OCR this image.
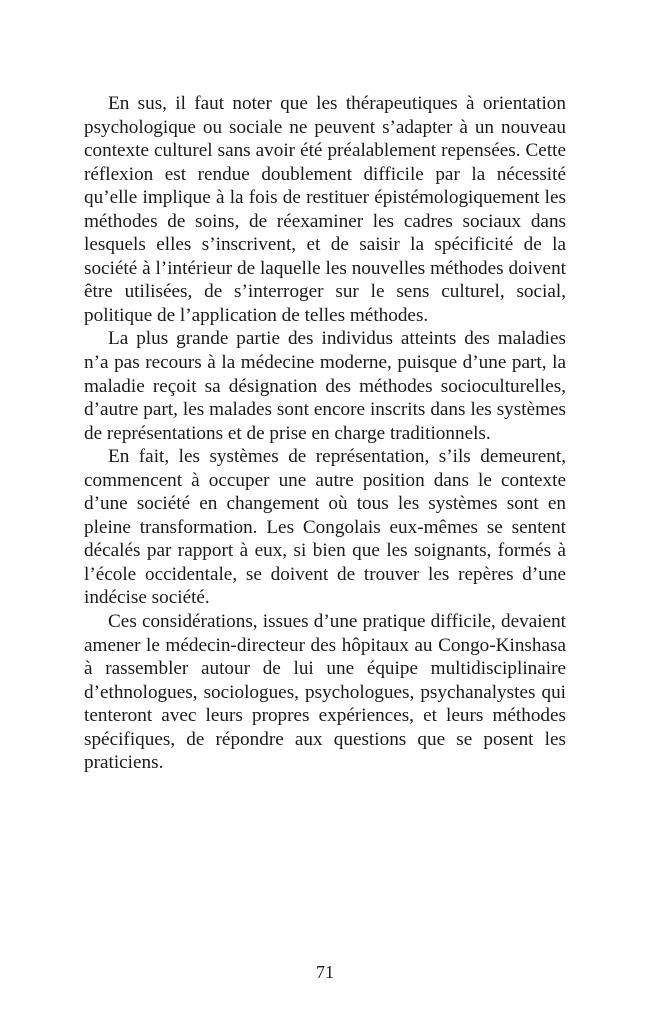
En sus, il faut noter que les thérapeutiques à orientation psychologique ou sociale ne peuvent s’adapter à un nouveau contexte culturel sans avoir été préalablement repensées. Cette réflexion est rendue doublement difficile par la nécessité qu’elle implique à la fois de restituer épistémologiquement les méthodes de soins, de réexaminer les cadres sociaux dans lesquels elles s’inscrivent, et de saisir la spécificité de la société à l’intérieur de laquelle les nouvelles méthodes doivent être utilisées, de s’interroger sur le sens culturel, social, politique de l’application de telles méthodes.

La plus grande partie des individus atteints des maladies n’a pas recours à la médecine moderne, puisque d’une part, la maladie reçoit sa désignation des méthodes socioculturelles, d’autre part, les malades sont encore inscrits dans les systèmes de représentations et de prise en charge traditionnels.

En fait, les systèmes de représentation, s’ils demeurent, commencent à occuper une autre position dans le contexte d’une société en changement où tous les systèmes sont en pleine transformation. Les Congolais eux-mêmes se sentent décalés par rapport à eux, si bien que les soignants, formés à l’école occidentale, se doivent de trouver les repères d’une indécise société.

Ces considérations, issues d’une pratique difficile, devaient amener le médecin-directeur des hôpitaux au Congo-Kinshasa à rassembler autour de lui une équipe multidisciplinaire d’ethnologues, sociologues, psychologues, psychanalystes qui tenteront avec leurs propres expériences, et leurs méthodes spécifiques, de répondre aux questions que se posent les praticiens.

71
